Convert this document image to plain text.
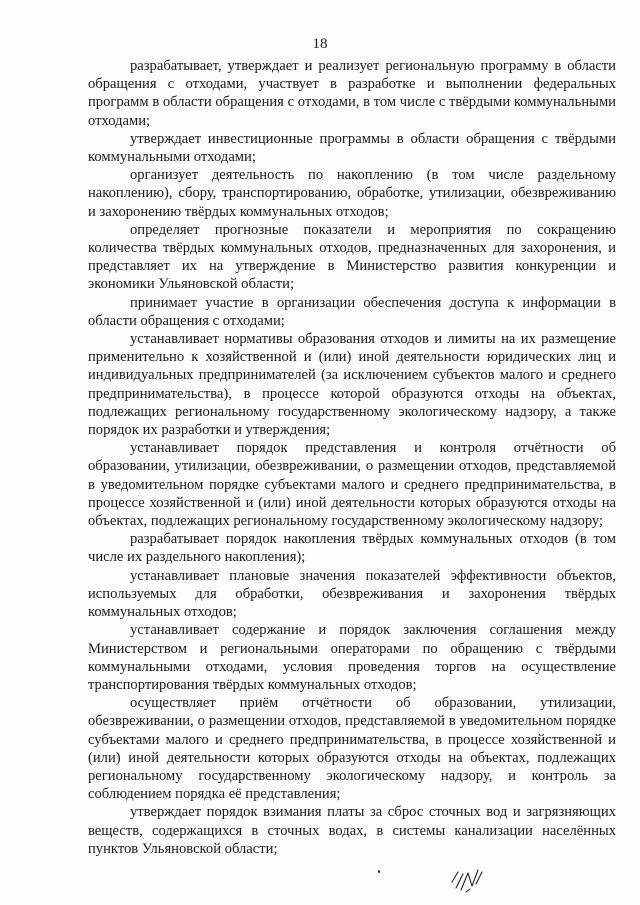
18

разрабатывает, утверждает и реализует региональную программу в области обращения с отходами, участвует в разработке и выполнении федеральных программ в области обращения с отходами, в том числе с твёрдыми коммунальными отходами;

утверждает инвестиционные программы в области обращения с твёрдыми коммунальными отходами;

организует деятельность по накоплению (в том числе раздельному накоплению), сбору, транспортированию, обработке, утилизации, обезвреживанию и захоронению твёрдых коммунальных отходов;

определяет прогнозные показатели и мероприятия по сокращению количества твёрдых коммунальных отходов, предназначенных для захоронения, и представляет их на утверждение в Министерство развития конкуренции и экономики Ульяновской области;

принимает участие в организации обеспечения доступа к информации в области обращения с отходами;

устанавливает нормативы образования отходов и лимиты на их размещение применительно к хозяйственной и (или) иной деятельности юридических лиц и индивидуальных предпринимателей (за исключением субъектов малого и среднего предпринимательства), в процессе которой образуются отходы на объектах, подлежащих региональному государственному экологическому надзору, а также порядок их разработки и утверждения;

устанавливает порядок представления и контроля отчётности об образовании, утилизации, обезвреживании, о размещении отходов, представляемой в уведомительном порядке субъектами малого и среднего предпринимательства, в процессе хозяйственной и (или) иной деятельности которых образуются отходы на объектах, подлежащих региональному государственному экологическому надзору;

разрабатывает порядок накопления твёрдых коммунальных отходов (в том числе их раздельного накопления);

устанавливает плановые значения показателей эффективности объектов, используемых для обработки, обезвреживания и захоронения твёрдых коммунальных отходов;

устанавливает содержание и порядок заключения соглашения между Министерством и региональными операторами по обращению с твёрдыми коммунальными отходами, условия проведения торгов на осуществление транспортирования твёрдых коммунальных отходов;

осуществляет приём отчётности об образовании, утилизации, обезвреживании, о размещении отходов, представляемой в уведомительном порядке субъектами малого и среднего предпринимательства, в процессе хозяйственной и (или) иной деятельности которых образуются отходы на объектах, подлежащих региональному государственному экологическому надзору, и контроль за соблюдением порядка её представления;

утверждает порядок взимания платы за сброс сточных вод и загрязняющих веществ, содержащихся в сточных водах, в системы канализации населённых пунктов Ульяновской области;
